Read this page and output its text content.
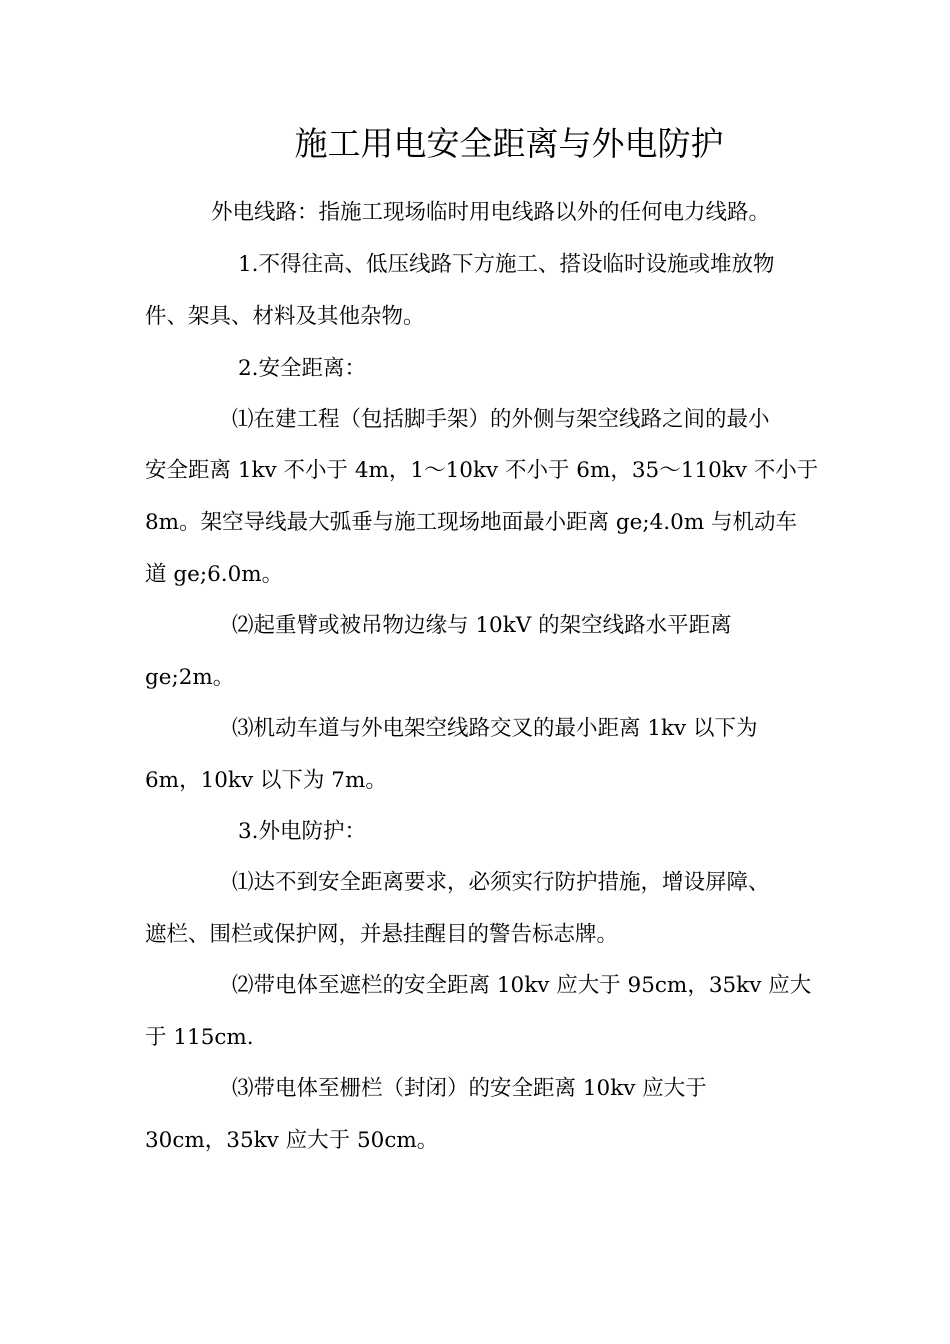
施工用电安全距离与外电防护
外电线路：指施工现场临时用电线路以外的任何电力线路。
1.不得往高、低压线路下方施工、搭设临时设施或堆放物
件、架具、材料及其他杂物。
2.安全距离：
⑴在建工程（包括脚手架）的外侧与架空线路之间的最小
安全距离 1kv 不小于 4m，1～10kv 不小于 6m，35～110kv 不小于
8m。架空导线最大弧垂与施工现场地面最小距离 ge;4.0m 与机动车
道 ge;6.0m。
⑵起重臂或被吊物边缘与 10kV 的架空线路水平距离
ge;2m。
⑶机动车道与外电架空线路交叉的最小距离 1kv 以下为
6m，10kv 以下为 7m。
3.外电防护：
⑴达不到安全距离要求，必须实行防护措施，增设屏障、
遮栏、围栏或保护网，并悬挂醒目的警告标志牌。
⑵带电体至遮栏的安全距离 10kv 应大于 95cm，35kv 应大
于 115cm.
⑶带电体至栅栏（封闭）的安全距离 10kv 应大于
30cm，35kv 应大于 50cm。
